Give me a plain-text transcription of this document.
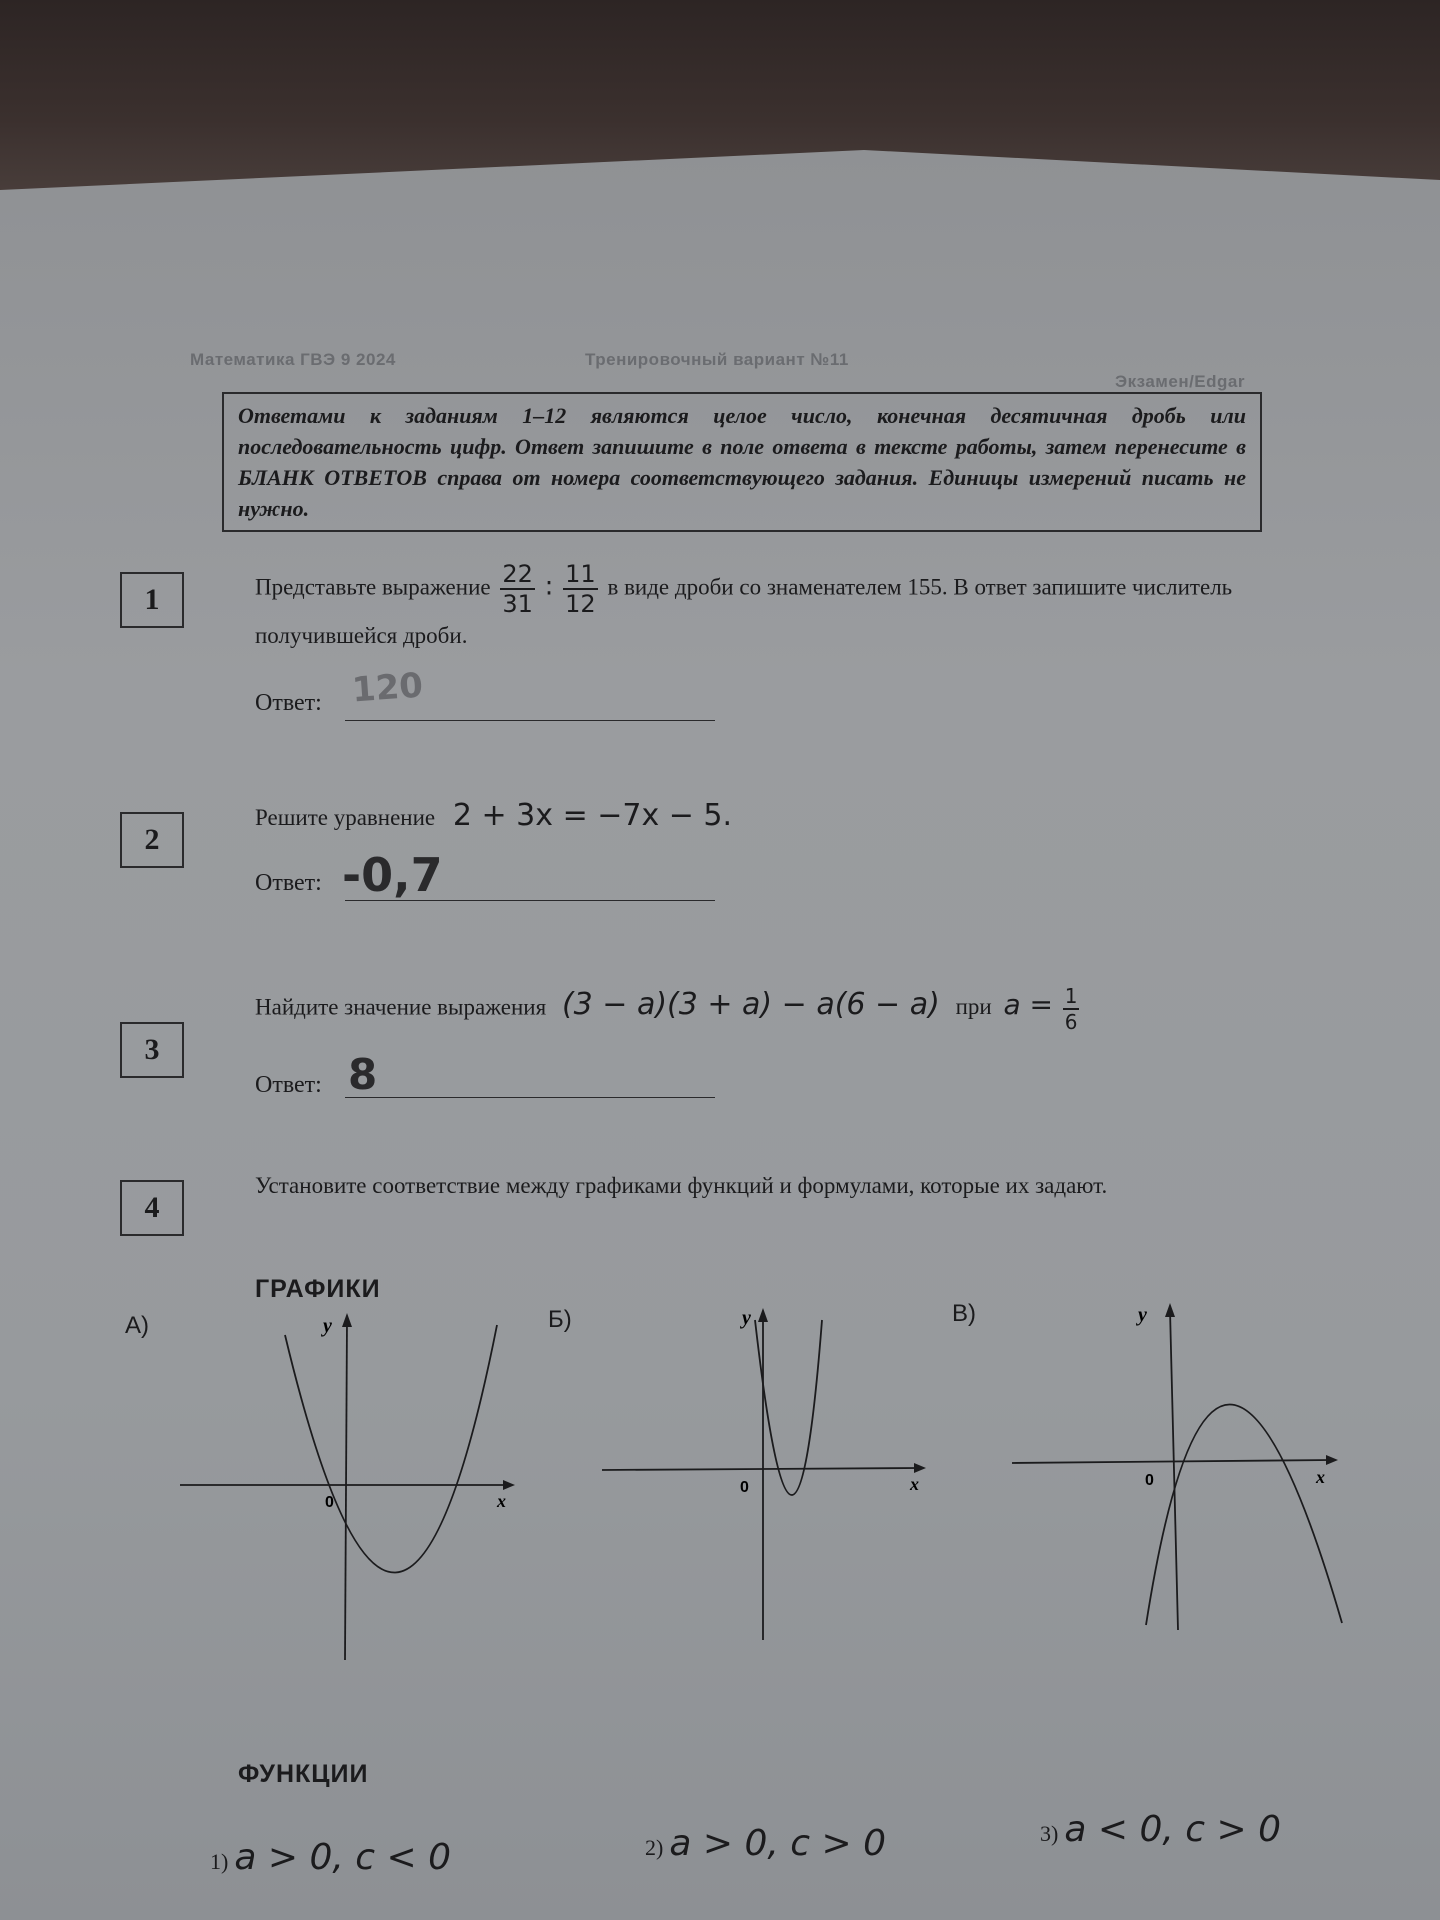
Математика ГВЭ 9 2024	Тренировочный вариант №11
Экзамен/Edgar
Ответами к заданиям 1–12 являются целое число, конечная десятичная дробь или последовательность цифр. Ответ запишите в поле ответа в тексте работы, затем перенесите в БЛАНК ОТВЕТОВ справа от номера соответствующего задания. Единицы измерений писать не нужно.
1	Представьте выражение $\frac{22}{31}$ : $\frac{11}{12}$ в виде дроби со знаменателем 155. В ответ запишите числитель получившейся дроби.
Ответ: 120
2
Решите уравнение 2 + 3x = −7x − 5.
Ответ: -0,7
3
Найдите значение выражения (3 − a)(3 + a) − a(6 − a) при $a = \frac{1}{6}$
Ответ: 8
4
Установите соответствие между графиками функций и формулами, которые их задают.
ГРАФИКИ
А)	y
x
0
Б)	y
x
0
В)	y
x
0
ФУНКЦИИ
1) a > 0, c < 0	2) a > 0, c > 0	3) a < 0, c > 0
